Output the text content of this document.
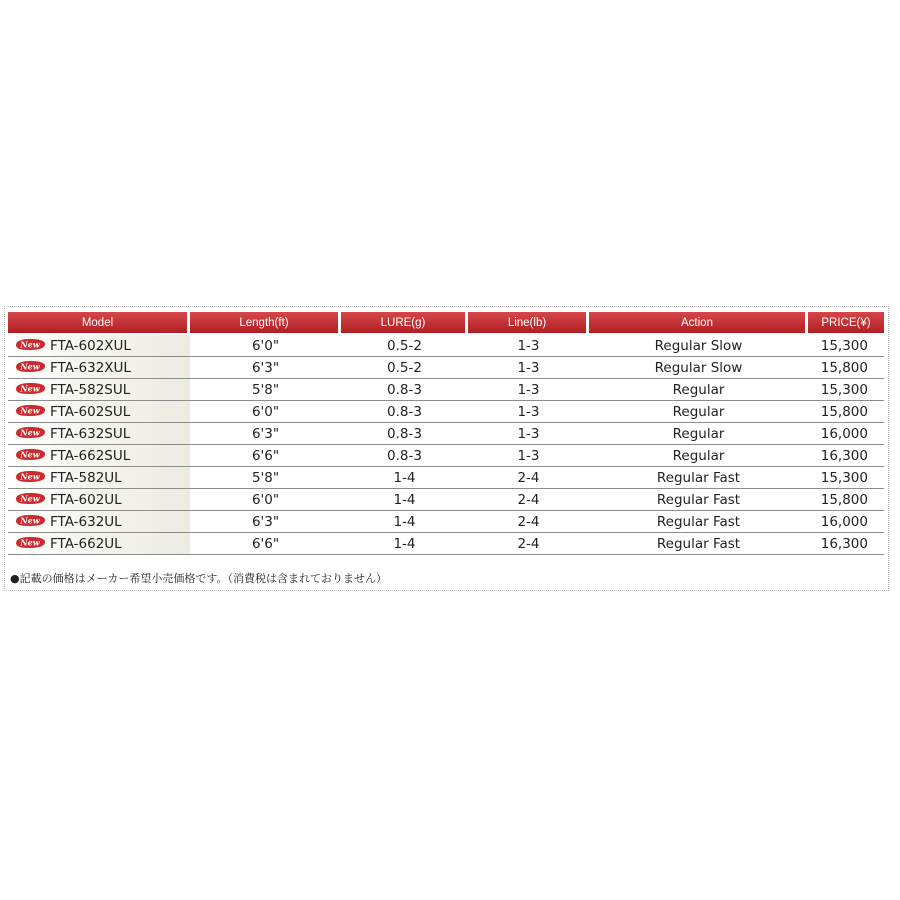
Model	Length(ft)	LURE(g)	Line(lb)	Action	PRICE(¥)

New FTA-602XUL	6'0"	0.5-2	1-3	Regular Slow	15,300

New FTA-632XUL	6'3"	0.5-2	1-3	Regular Slow	15,800

New FTA-582SUL	5'8"	0.8-3	1-3	Regular	15,300

New FTA-602SUL	6'0"	0.8-3	1-3	Regular	15,800

New FTA-632SUL	6'3"	0.8-3	1-3	Regular	16,000

New FTA-662SUL	6'6"	0.8-3	1-3	Regular	16,300

New FTA-582UL	5'8"	1-4	2-4	Regular Fast	15,300

New FTA-602UL	6'0"	1-4	2-4	Regular Fast	15,800

New FTA-632UL	6'3"	1-4	2-4	Regular Fast	16,000

New FTA-662UL	6'6"	1-4	2-4	Regular Fast	16,300
●記載の価格はメーカー希望小売価格です。（消費税は含まれておりません）
